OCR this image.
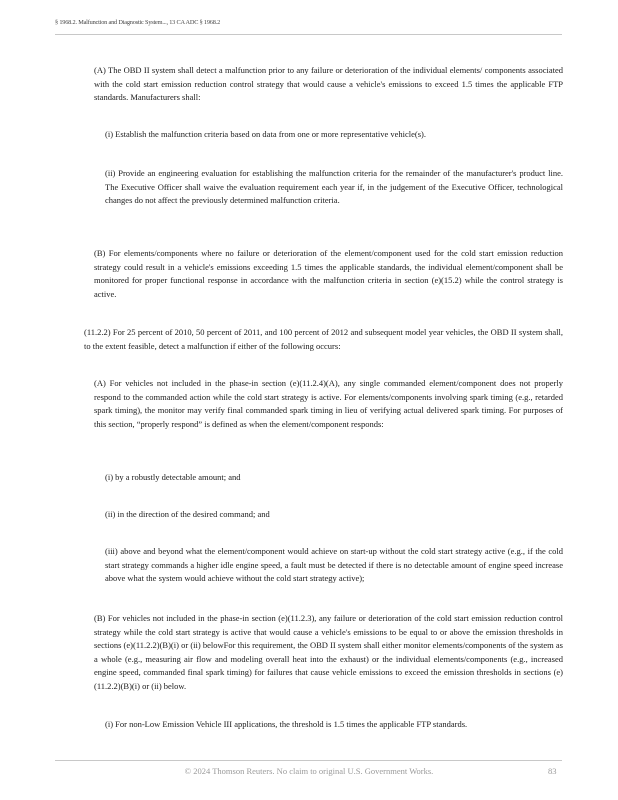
§ 1968.2. Malfunction and Diagnostic System..., 13 CA ADC § 1968.2

(A) The OBD II system shall detect a malfunction prior to any failure or deterioration of the individual elements/ components associated with the cold start emission reduction control strategy that would cause a vehicle's emissions to exceed 1.5 times the applicable FTP standards. Manufacturers shall:

(i) Establish the malfunction criteria based on data from one or more representative vehicle(s).

(ii) Provide an engineering evaluation for establishing the malfunction criteria for the remainder of the manufacturer's product line. The Executive Officer shall waive the evaluation requirement each year if, in the judgement of the Executive Officer, technological changes do not affect the previously determined malfunction criteria.

(B) For elements/components where no failure or deterioration of the element/component used for the cold start emission reduction strategy could result in a vehicle's emissions exceeding 1.5 times the applicable standards, the individual element/component shall be monitored for proper functional response in accordance with the malfunction criteria in section (e)(15.2) while the control strategy is active.

(11.2.2) For 25 percent of 2010, 50 percent of 2011, and 100 percent of 2012 and subsequent model year vehicles, the OBD II system shall, to the extent feasible, detect a malfunction if either of the following occurs:

(A) For vehicles not included in the phase-in section (e)(11.2.4)(A), any single commanded element/component does not properly respond to the commanded action while the cold start strategy is active. For elements/components involving spark timing (e.g., retarded spark timing), the monitor may verify final commanded spark timing in lieu of verifying actual delivered spark timing. For purposes of this section, “properly respond” is defined as when the element/component responds:

(i) by a robustly detectable amount; and

(ii) in the direction of the desired command; and

(iii) above and beyond what the element/component would achieve on start-up without the cold start strategy active (e.g., if the cold start strategy commands a higher idle engine speed, a fault must be detected if there is no detectable amount of engine speed increase above what the system would achieve without the cold start strategy active);

(B) For vehicles not included in the phase-in section (e)(11.2.3), any failure or deterioration of the cold start emission reduction control strategy while the cold start strategy is active that would cause a vehicle's emissions to be equal to or above the emission thresholds in sections (e)(11.2.2)(B)(i) or (ii) belowFor this requirement, the OBD II system shall either monitor elements/components of the system as a whole (e.g., measuring air flow and modeling overall heat into the exhaust) or the individual elements/components (e.g., increased engine speed, commanded final spark timing) for failures that cause vehicle emissions to exceed the emission thresholds in sections (e)(11.2.2)(B)(i) or (ii) below.

(i) For non-Low Emission Vehicle III applications, the threshold is 1.5 times the applicable FTP standards.

© 2024 Thomson Reuters. No claim to original U.S. Government Works.	83
